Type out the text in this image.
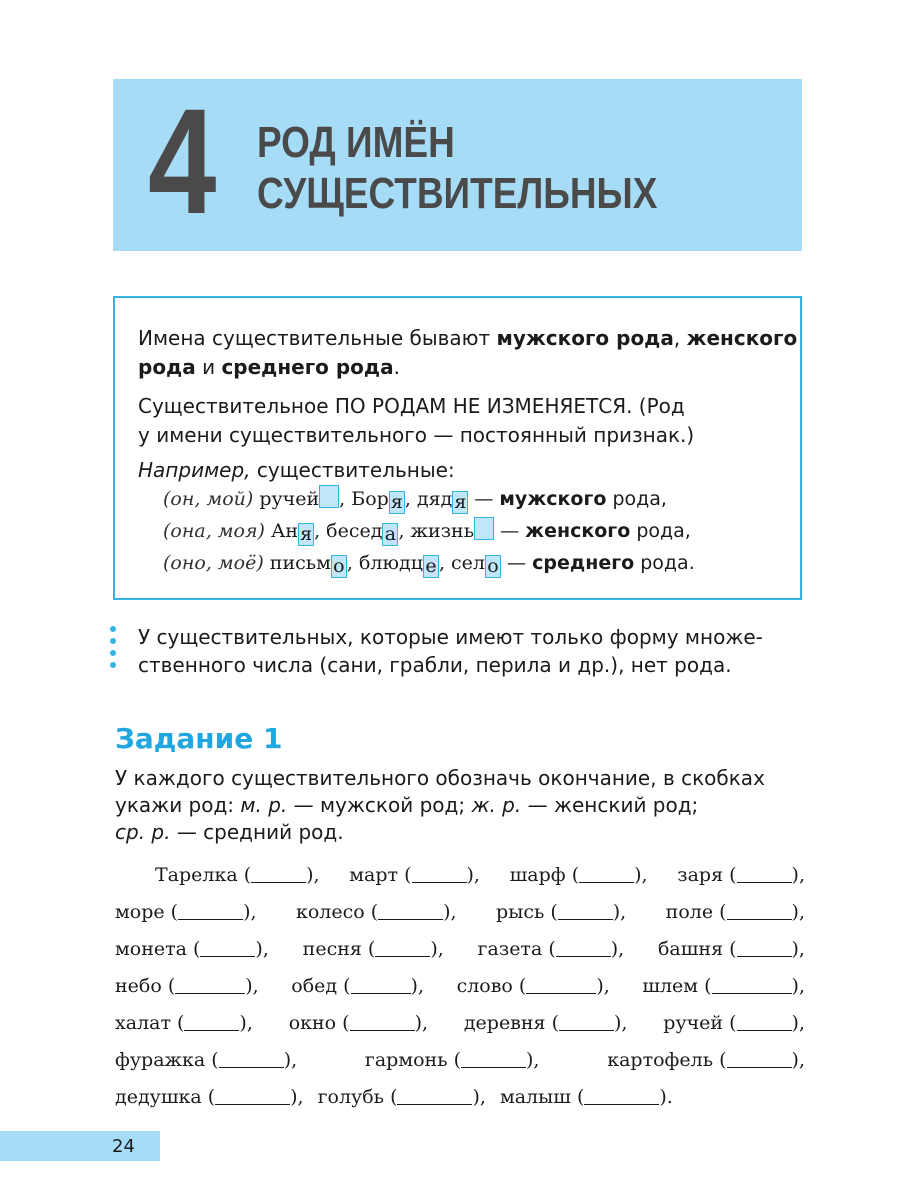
4 РОД ИМЁН
СУЩЕСТВИТЕЛЬНЫХ
Имена существительные бывают мужского рода, женского
рода и среднего рода.
Существительное ПО РОДАМ НЕ ИЗМЕНЯЕТСЯ. (Род
у имени существительного — постоянный признак.)
Например, существительные:
(он, мой) ручей , Бор я , дяд я — мужского рода,
(она, моя) Ан я , бесед а , жизнь — женского рода,
(оно, моё) письм о , блюдц е , сел о — среднего рода.
У существительных, которые имеют только форму множе-
ственного числа (сани, грабли, перила и др.), нет рода.
Задание 1
У каждого существительного обозначь окончание, в скобках
укажи род: м. р. — мужской род; ж. р. — женский род;
ср. р. — средний род.
Тарелка (	), март (	), шарф (	), заря (	),
море (	), колесо (	), рысь (	), поле (	),
монета (	), песня (	), газета (	), башня (	),
небо (	), обед (	), слово (	), шлем (	),
халат (	), окно (	), деревня (	), ручей (	),
фуражка (	),	гармонь (	),	картофель (	),
дедушка (	), голубь (	), малыш (	).
24
